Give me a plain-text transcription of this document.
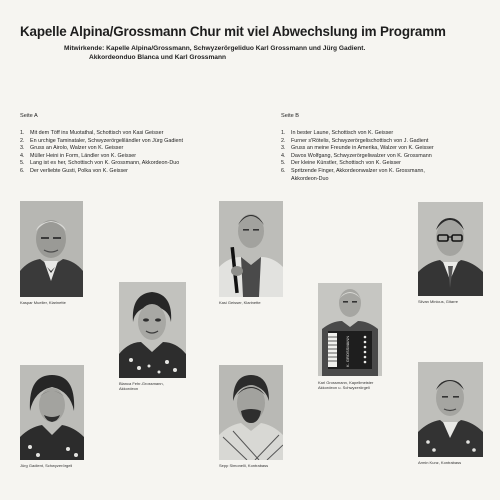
Kapelle Alpina/Grossmann Chur mit viel Abwechslung im Programm
Mitwirkende: Kapelle Alpina/Grossmann, Schwyzerörgeliduo Karl Grossmann und Jürg Gadient.
Akkordeonduo Blanca und Karl Grossmann
Seite A
1.	Mit dem Töff ins Muotathal, Schottisch von Kasi Geisser
2.	En urchige Taminataler, Schwyzerörgeliländler von Jürg Gadient
3.	Gruss an Airolo, Walzer von K. Geisser
4.	Müller Heini in Form, Ländler von K. Geisser
5.	Lang ist es her, Schottisch von K. Grossmann, Akkordeon-Duo
6.	Der verliebte Gusti, Polka von K. Geisser
Seite B
1.	In bester Laune, Schottisch von K. Geisser
2.	Furner s'Rötelis, Schwyzerörgelischottisch von J. Gadient
3.	Gruss an meine Freunde in Amerika, Walzer von K. Geisser
4.	Davos Wolfgang, Schwyzerörgeliwalzer von K. Grossmann
5.	Der kleine Künstler, Schottisch von K. Geisser
6.	Spritzende Finger, Akkordeonwalzer von K. Grossmann,
Akkordeon-Duo
Kaspar Mueller, Klarinette
Blanca Fehr-Grossmann,
Akkordeon
Kasi Geisser, Klarinette
K. GROSSMANN
Karl Grossmann, Kapellmeister
Akkordeon u. Schwyzerörgeli
Silvan Minicus, Gitarre
Jürg Gadient, Schwyzerörgeli	Sepp Simonelli, Kontrabass
Armin Kunz, Kontrabass
